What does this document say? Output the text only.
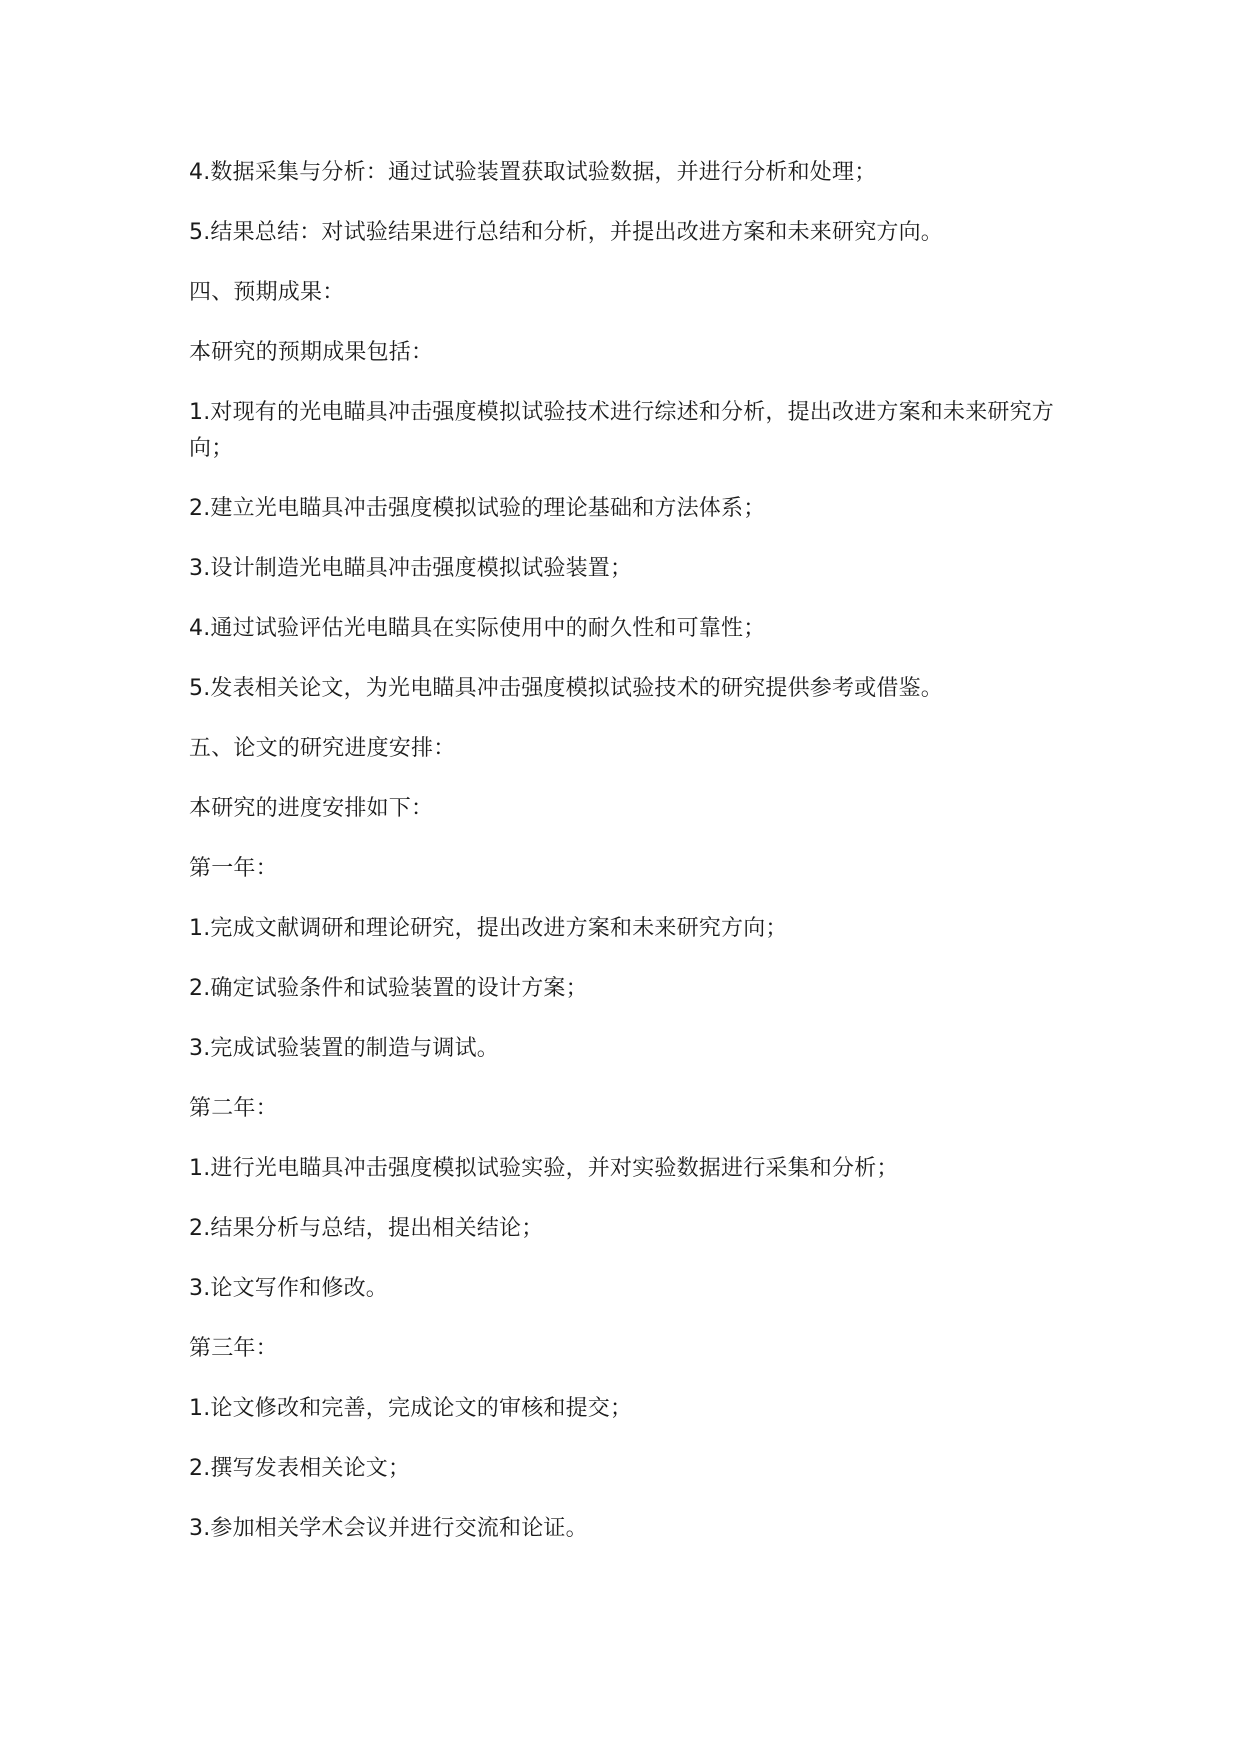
4.数据采集与分析：通过试验装置获取试验数据，并进行分析和处理；

5.结果总结：对试验结果进行总结和分析，并提出改进方案和未来研究方向。

四、预期成果：

本研究的预期成果包括：

1.对现有的光电瞄具冲击强度模拟试验技术进行综述和分析，提出改进方案和未来研究方向；

2.建立光电瞄具冲击强度模拟试验的理论基础和方法体系；

3.设计制造光电瞄具冲击强度模拟试验装置；

4.通过试验评估光电瞄具在实际使用中的耐久性和可靠性；

5.发表相关论文，为光电瞄具冲击强度模拟试验技术的研究提供参考或借鉴。

五、论文的研究进度安排：

本研究的进度安排如下：

第一年：

1.完成文献调研和理论研究，提出改进方案和未来研究方向；

2.确定试验条件和试验装置的设计方案；

3.完成试验装置的制造与调试。

第二年：

1.进行光电瞄具冲击强度模拟试验实验，并对实验数据进行采集和分析；

2.结果分析与总结，提出相关结论；

3.论文写作和修改。

第三年：

1.论文修改和完善，完成论文的审核和提交；

2.撰写发表相关论文；

3.参加相关学术会议并进行交流和论证。
